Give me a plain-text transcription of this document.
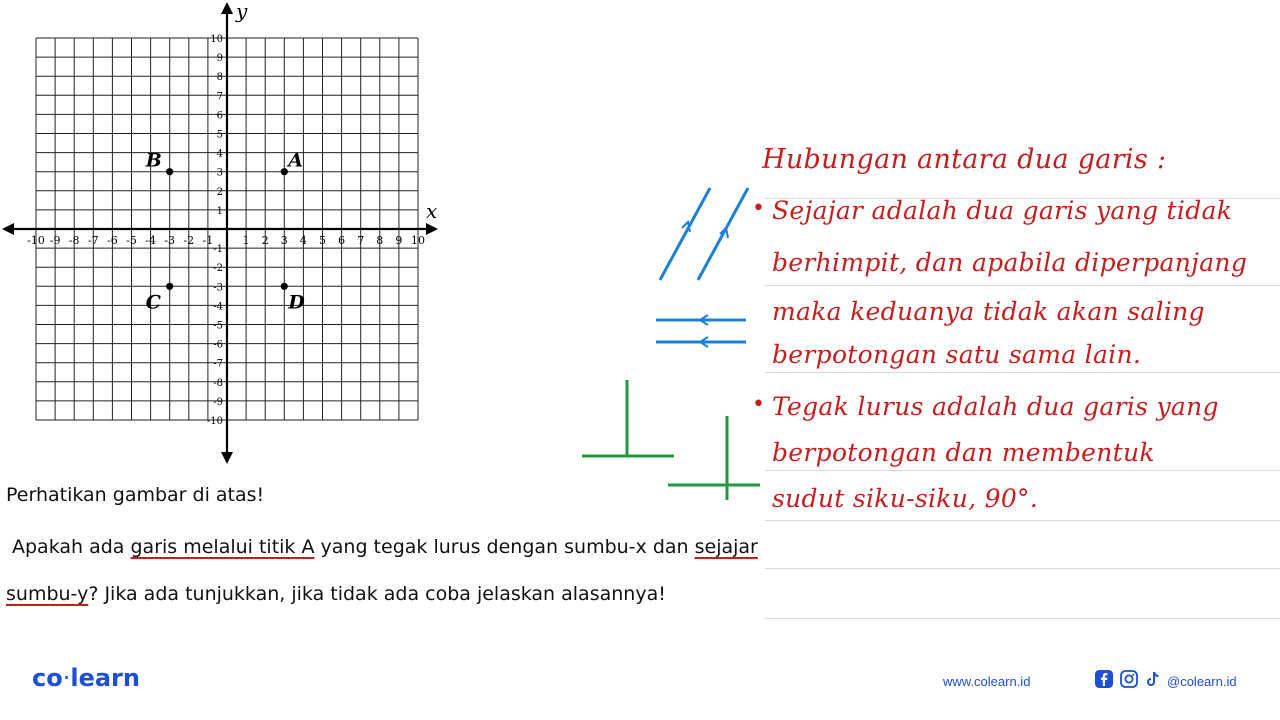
x
y
-10 -9 -8 -7 -6 -5 -4 -3 -2 -1	1 2 3 4 5 6 7 8 9 10
10
9
8
7
6
5
4
3
2
1
-1
-2
-3
-4
-5
-6
-7
-8
-9
-10
A
B
C	D
Hubungan antara dua garis :
• Sejajar adalah dua garis yang tidak
berhimpit, dan apabila diperpanjang
maka keduanya tidak akan saling
berpotongan satu sama lain.
• Tegak lurus adalah dua garis yang
berpotongan dan membentuk
sudut siku-siku, 90°.
Perhatikan gambar di atas!
Apakah ada garis melalui titik A yang tegak lurus dengan sumbu-x dan sejajar
sumbu-y? Jika ada tunjukkan, jika tidak ada coba jelaskan alasannya!
co·learn	www.colearn.id	@colearn.id
